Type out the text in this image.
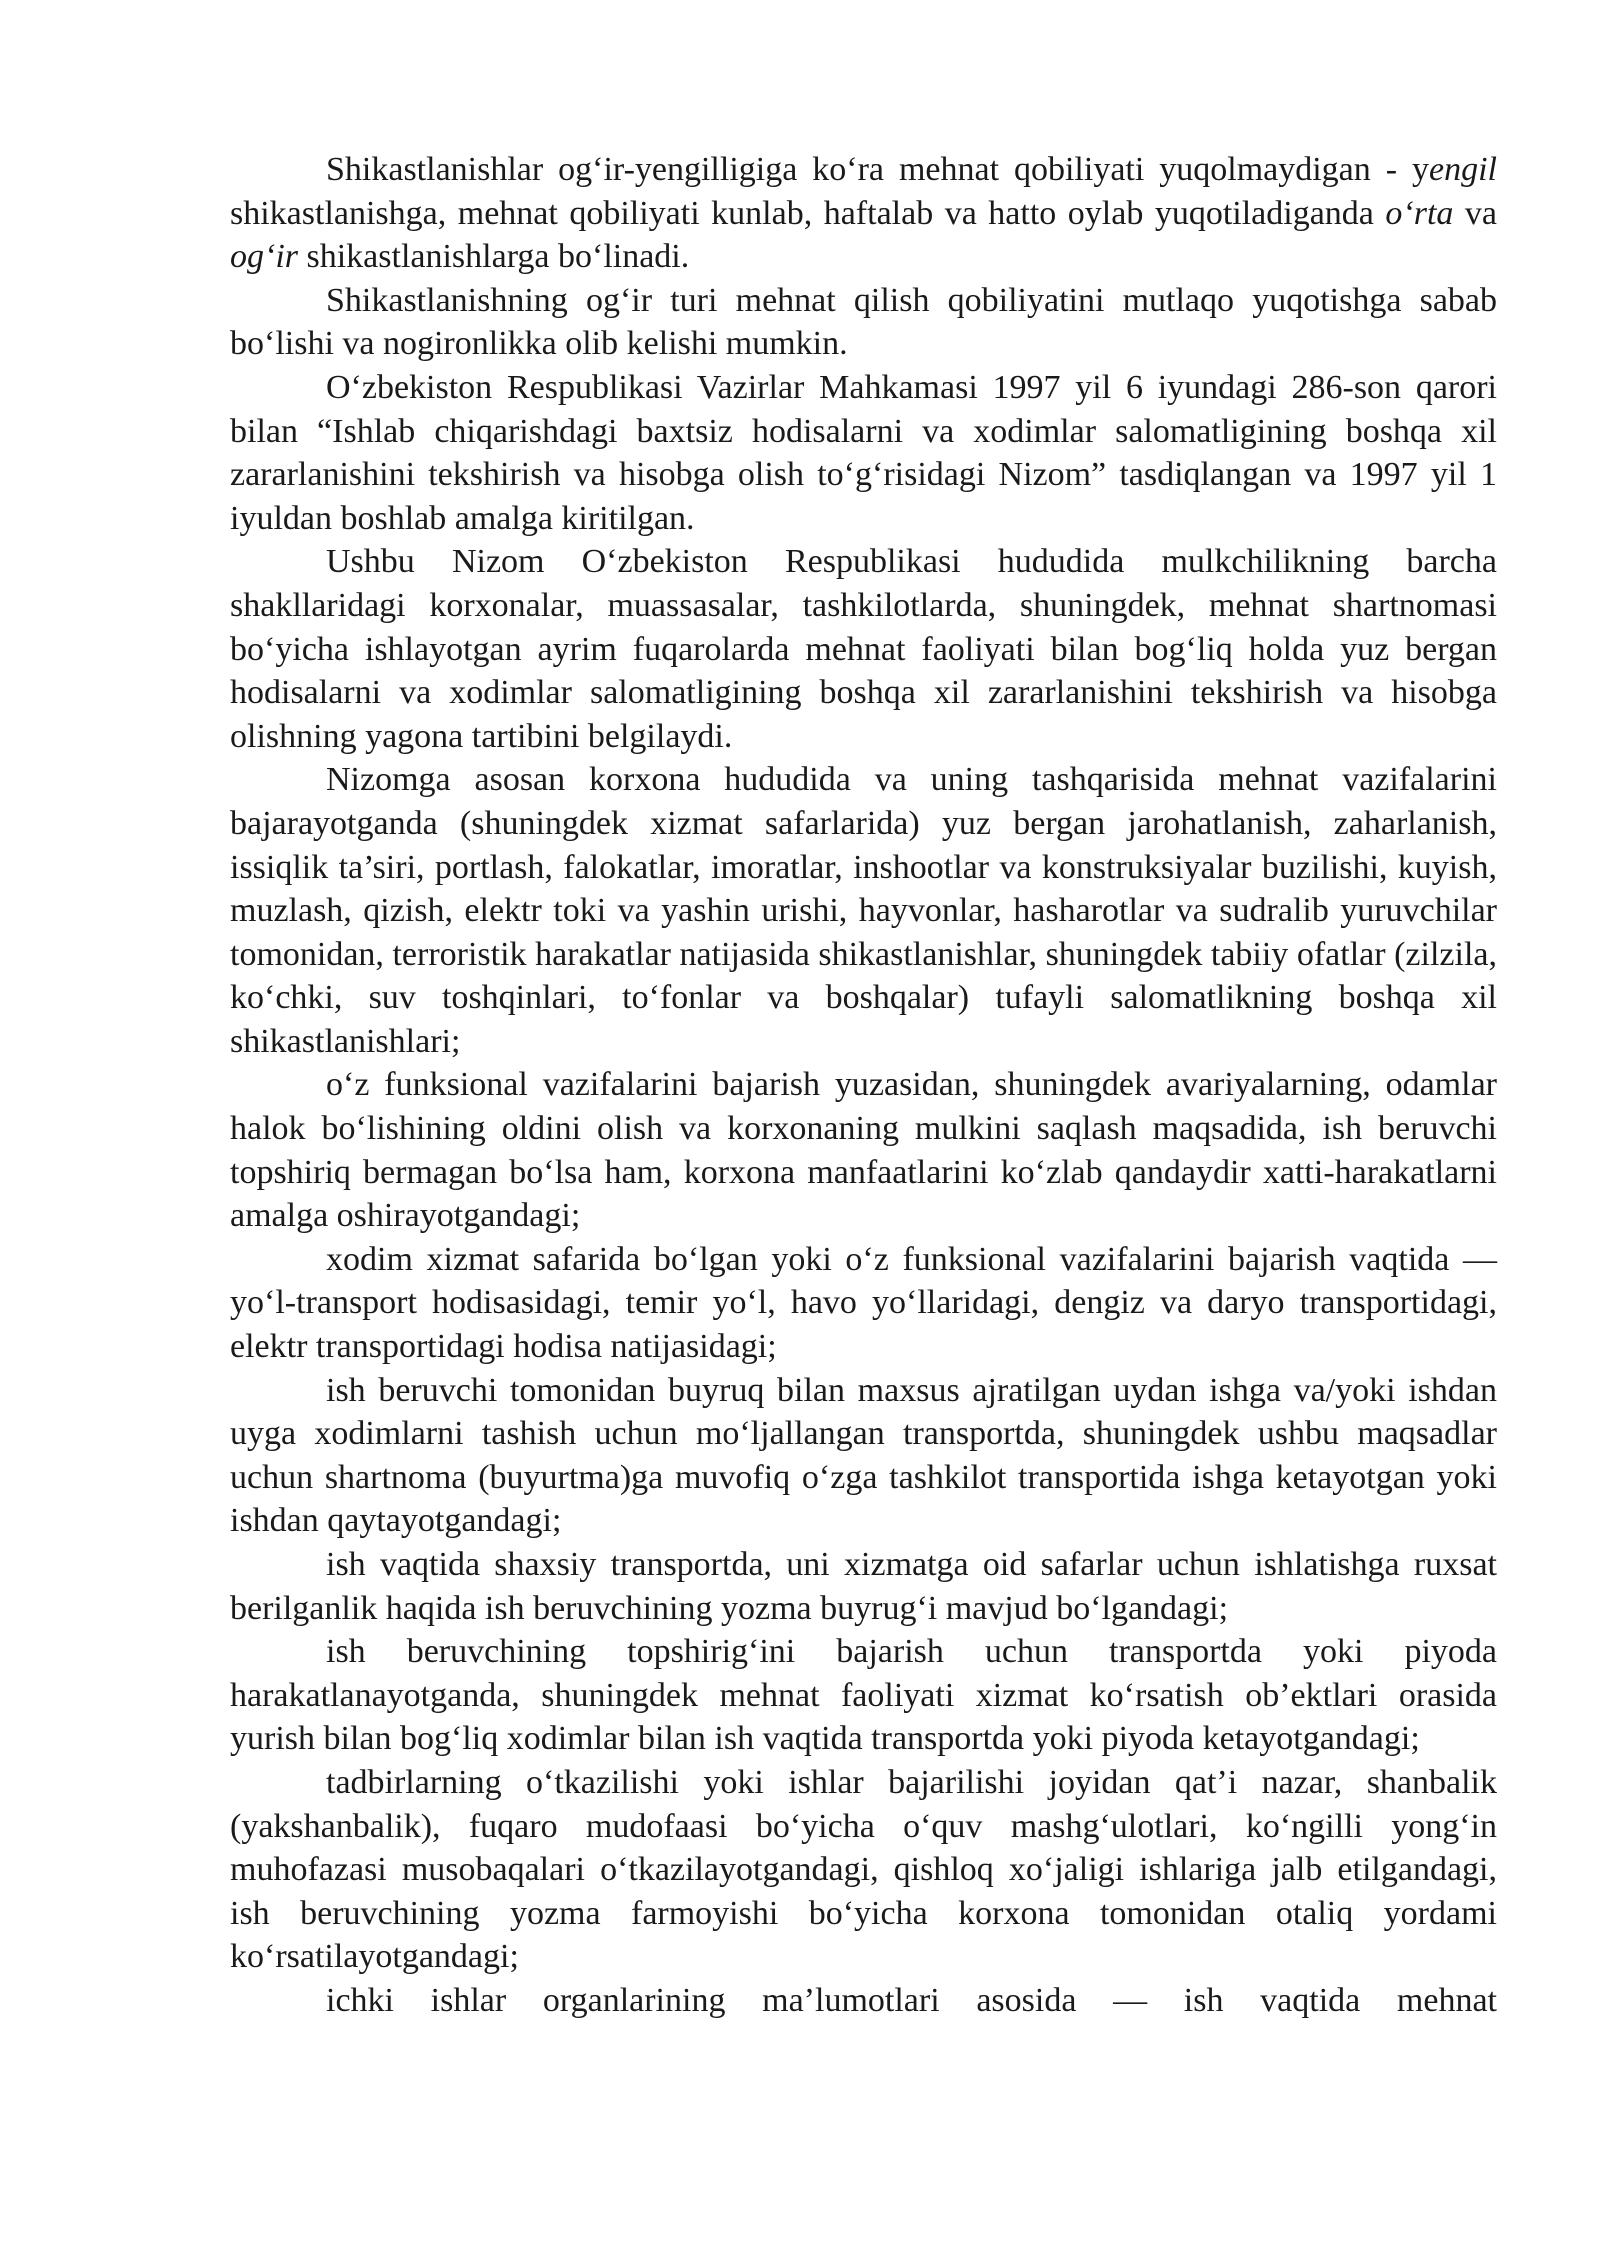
Shikastlanishlar og‘ir-yengilligiga ko‘ra mehnat qobiliyati yuqolmaydigan - yengil shikastlanishga, mehnat qobiliyati kunlab, haftalab va hatto oylab yuqotiladiganda o‘rta va og‘ir shikastlanishlarga bo‘linadi.

Shikastlanishning og‘ir turi mehnat qilish qobiliyatini mutlaqo yuqotishga sabab bo‘lishi va nogironlikka olib kelishi mumkin.

O‘zbekiston Respublikasi Vazirlar Mahkamasi 1997 yil 6 iyundagi 286-son qarori bilan “Ishlab chiqarishdagi baxtsiz hodisalarni va xodimlar salomatligining boshqa xil zararlanishini tekshirish va hisobga olish to‘g‘risidagi Nizom” tasdiqlangan va 1997 yil 1 iyuldan boshlab amalga kiritilgan.

Ushbu Nizom O‘zbekiston Respublikasi hududida mulkchilikning barcha shakllaridagi korxonalar, muassasalar, tashkilotlarda, shuningdek, mehnat shartnomasi bo‘yicha ishlayotgan ayrim fuqarolarda mehnat faoliyati bilan bog‘liq holda yuz bergan hodisalarni va xodimlar salomatligining boshqa xil zararlanishini tekshirish va hisobga olishning yagona tartibini belgilaydi.

Nizomga asosan korxona hududida va uning tashqarisida mehnat vazifalarini bajarayotganda (shuningdek xizmat safarlarida) yuz bergan jarohatlanish, zaharlanish, issiqlik ta’siri, portlash, falokatlar, imoratlar, inshootlar va konstruksiyalar buzilishi, kuyish, muzlash, qizish, elektr toki va yashin urishi, hayvonlar, hasharotlar va sudralib yuruvchilar tomonidan, terroristik harakatlar natijasida shikastlanishlar, shuningdek tabiiy ofatlar (zilzila, ko‘chki, suv toshqinlari, to‘fonlar va boshqalar) tufayli salomatlikning boshqa xil shikastlanishlari;

o‘z funksional vazifalarini bajarish yuzasidan, shuningdek avariyalarning, odamlar halok bo‘lishining oldini olish va korxonaning mulkini saqlash maqsadida, ish beruvchi topshiriq bermagan bo‘lsa ham, korxona manfaatlarini ko‘zlab qandaydir xatti-harakatlarni amalga oshirayotgandagi;

xodim xizmat safarida bo‘lgan yoki o‘z funksional vazifalarini bajarish vaqtida — yo‘l-transport hodisasidagi, temir yo‘l, havo yo‘llaridagi, dengiz va daryo transportidagi, elektr transportidagi hodisa natijasidagi;

ish beruvchi tomonidan buyruq bilan maxsus ajratilgan uydan ishga va/yoki ishdan uyga xodimlarni tashish uchun mo‘ljallangan transportda, shuningdek ushbu maqsadlar uchun shartnoma (buyurtma)ga muvofiq o‘zga tashkilot transportida ishga ketayotgan yoki ishdan qaytayotgandagi;

ish vaqtida shaxsiy transportda, uni xizmatga oid safarlar uchun ishlatishga ruxsat berilganlik haqida ish beruvchining yozma buyrug‘i mavjud bo‘lgandagi;

ish beruvchining topshirig‘ini bajarish uchun transportda yoki piyoda harakatlanayotganda, shuningdek mehnat faoliyati xizmat ko‘rsatish ob’ektlari orasida yurish bilan bog‘liq xodimlar bilan ish vaqtida transportda yoki piyoda ketayotgandagi;

tadbirlarning o‘tkazilishi yoki ishlar bajarilishi joyidan qat’i nazar, shanbalik (yakshanbalik), fuqaro mudofaasi bo‘yicha o‘quv mashg‘ulotlari, ko‘ngilli yong‘in muhofazasi musobaqalari o‘tkazilayotgandagi, qishloq xo‘jaligi ishlariga jalb etilgandagi, ish beruvchining yozma farmoyishi bo‘yicha korxona tomonidan otaliq yordami ko‘rsatilayotgandagi;

ichki ishlar organlarining ma’lumotlari asosida — ish vaqtida mehnat
